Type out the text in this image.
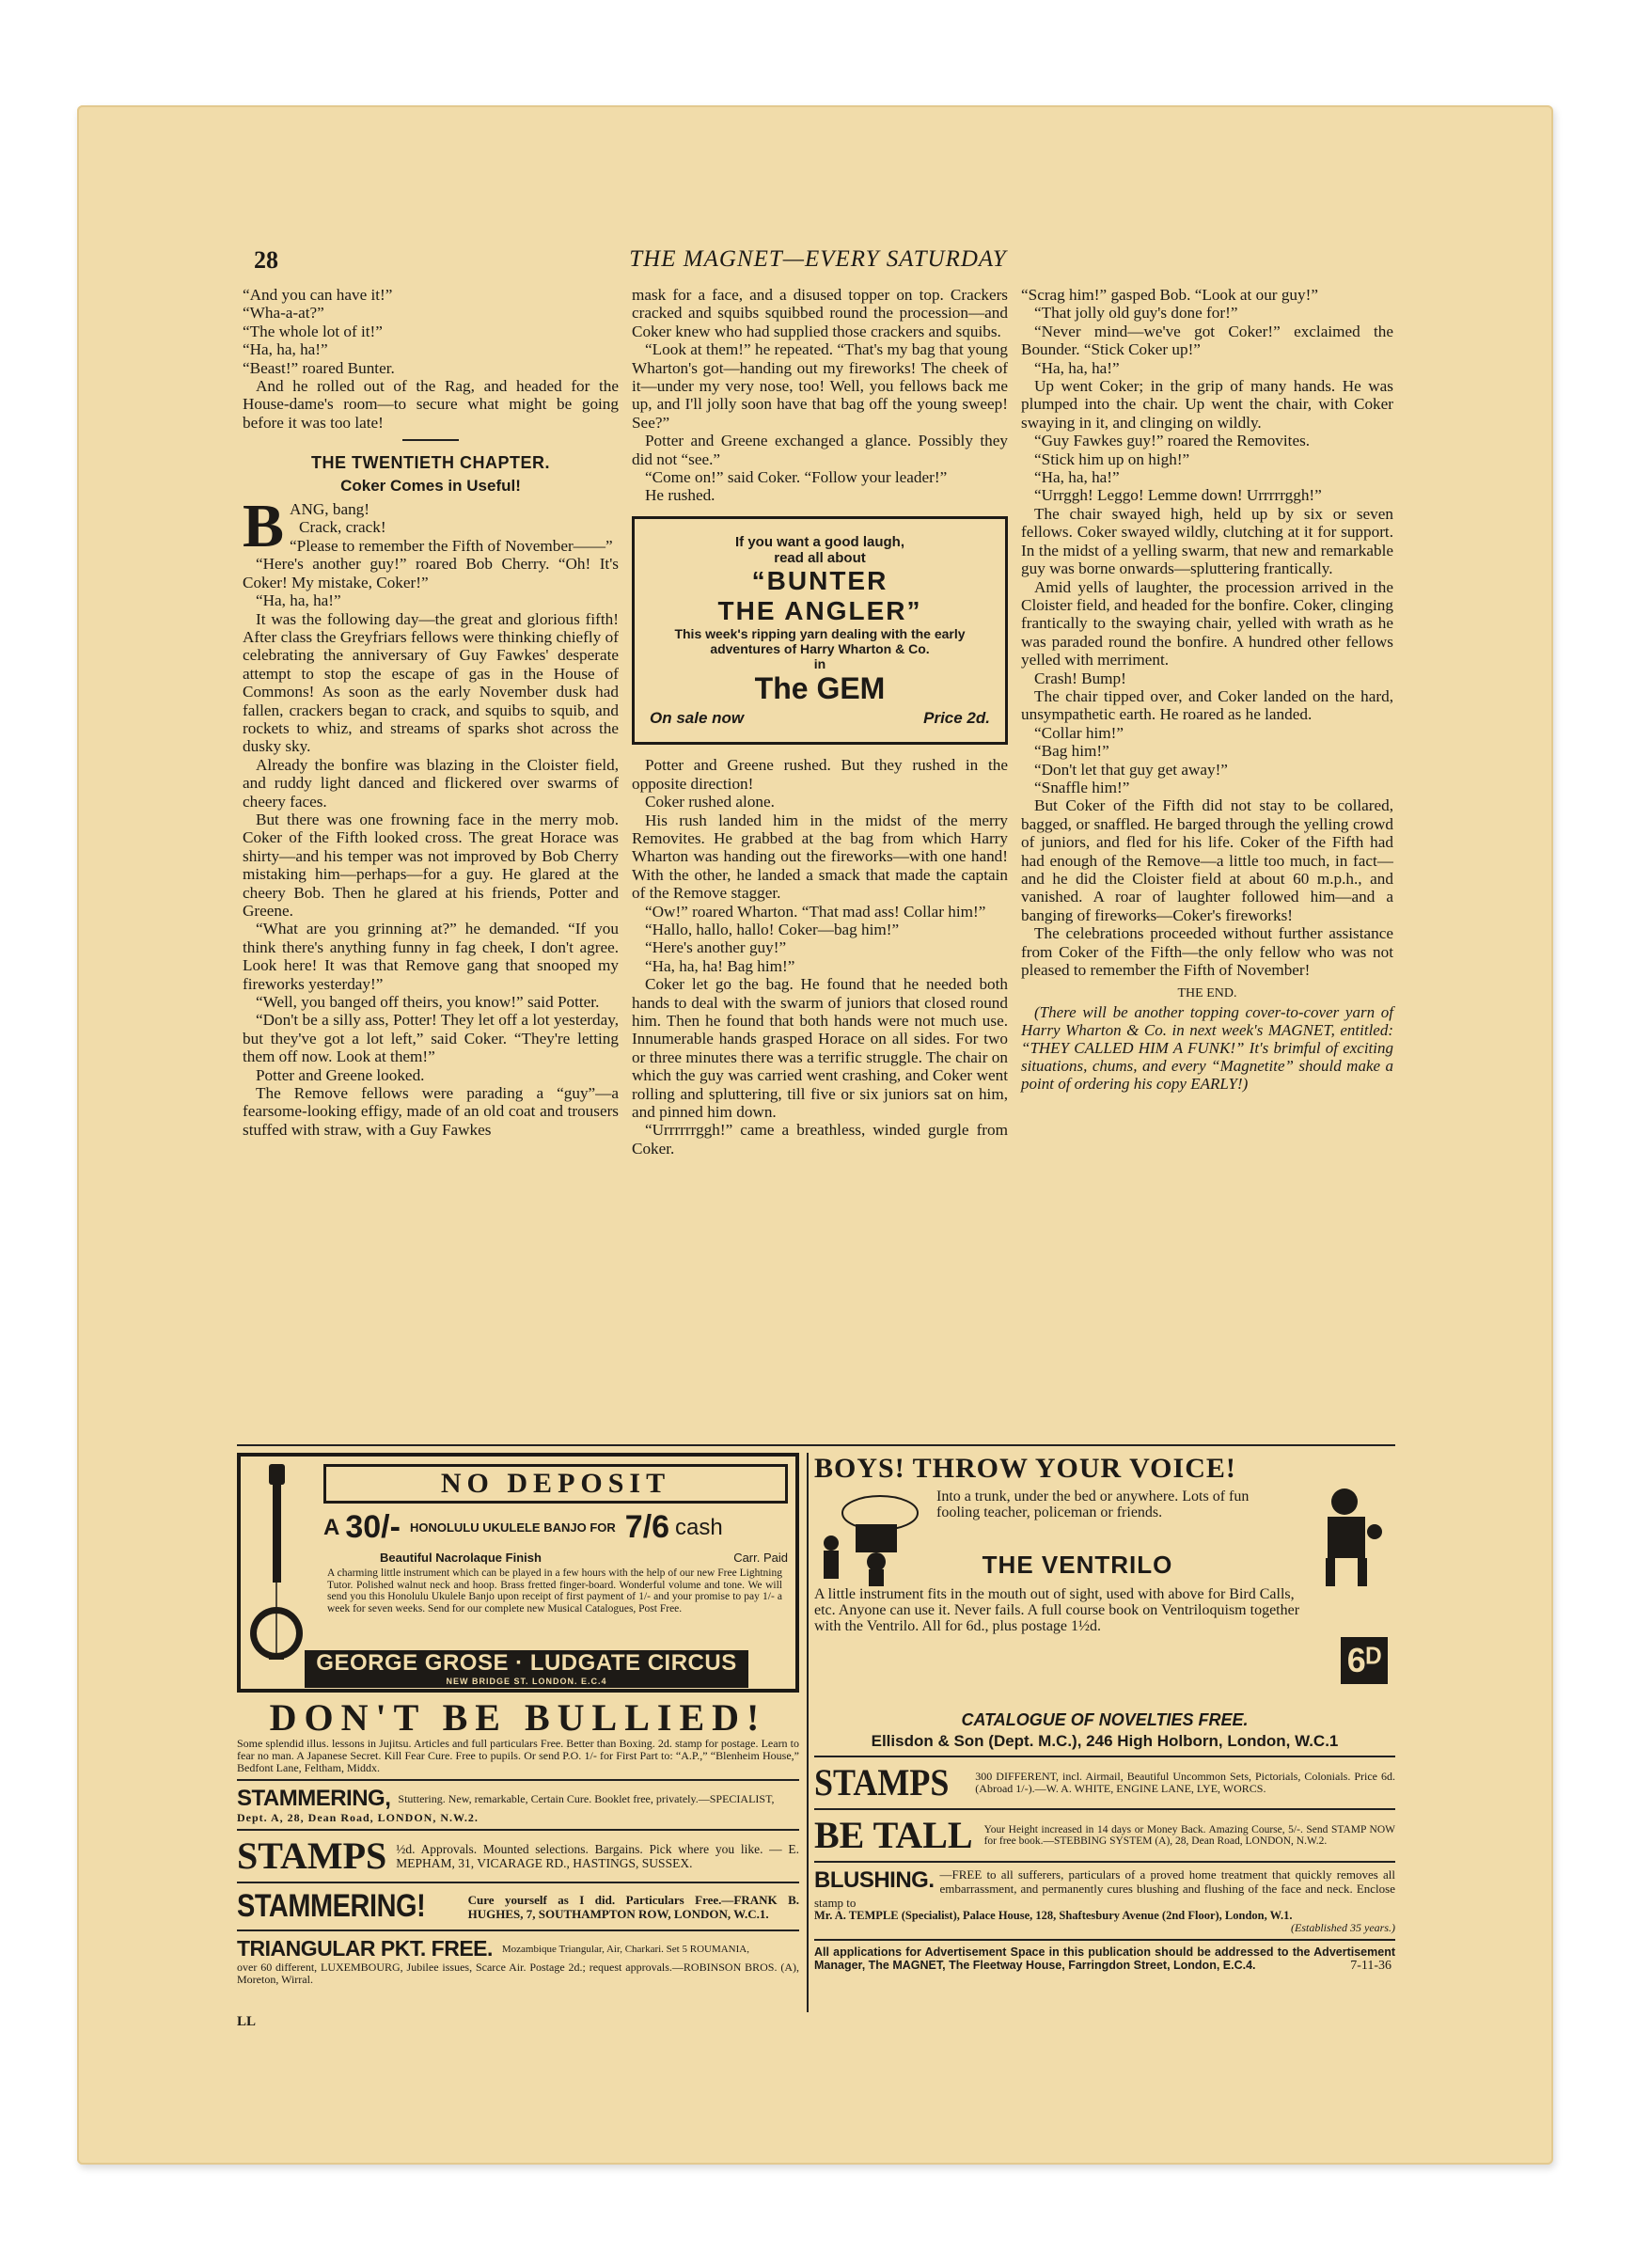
28	THE MAGNET—EVERY SATURDAY

“And you can have it!”

“Wha-a-at?”

“The whole lot of it!”

“Ha, ha, ha!”

“Beast!” roared Bunter.

And he rolled out of the Rag, and headed for the House-dame's room—to secure what might be going before it was too late!

THE TWENTIETH CHAPTER.
Coker Comes in Useful!
B ANG, bang!

Crack, crack!

“Please to remember the Fifth of November——”

“Here's another guy!” roared Bob Cherry. “Oh! It's Coker! My mistake, Coker!”

“Ha, ha, ha!”

It was the following day—the great and glorious fifth! After class the Greyfriars fellows were thinking chiefly of celebrating the anniversary of Guy Fawkes' desperate attempt to stop the escape of gas in the House of Commons! As soon as the early November dusk had fallen, crackers began to crack, and squibs to squib, and rockets to whiz, and streams of sparks shot across the dusky sky.

Already the bonfire was blazing in the Cloister field, and ruddy light danced and flickered over swarms of cheery faces.

But there was one frowning face in the merry mob. Coker of the Fifth looked cross. The great Horace was shirty—and his temper was not improved by Bob Cherry mistaking him—perhaps—for a guy. He glared at the cheery Bob. Then he glared at his friends, Potter and Greene.

“What are you grinning at?” he demanded. “If you think there's anything funny in fag cheek, I don't agree. Look here! It was that Remove gang that snooped my fireworks yesterday!”

“Well, you banged off theirs, you know!” said Potter.

“Don't be a silly ass, Potter! They let off a lot yesterday, but they've got a lot left,” said Coker. “They're letting them off now. Look at them!”

Potter and Greene looked.

The Remove fellows were parading a “guy”—a fearsome-looking effigy, made of an old coat and trousers stuffed with straw, with a Guy Fawkes

mask for a face, and a disused topper on top. Crackers cracked and squibs squibbed round the procession—and Coker knew who had supplied those crackers and squibs.

“Look at them!” he repeated. “That's my bag that young Wharton's got—handing out my fireworks! The cheek of it—under my very nose, too! Well, you fellows back me up, and I'll jolly soon have that bag off the young sweep! See?”

Potter and Greene exchanged a glance. Possibly they did not “see.”

“Come on!” said Coker. “Follow your leader!”

He rushed.

If you want a good laugh,
read all about
“BUNTER
THE ANGLER”
This week's ripping yarn dealing with the early adventures of Harry Wharton & Co.
in
The GEM
On sale now	Price 2d.

Potter and Greene rushed. But they rushed in the opposite direction!

Coker rushed alone.

His rush landed him in the midst of the merry Removites. He grabbed at the bag from which Harry Wharton was handing out the fireworks—with one hand! With the other, he landed a smack that made the captain of the Remove stagger.

“Ow!” roared Wharton. “That mad ass! Collar him!”

“Hallo, hallo, hallo! Coker—bag him!”

“Here's another guy!”

“Ha, ha, ha! Bag him!”

Coker let go the bag. He found that he needed both hands to deal with the swarm of juniors that closed round him. Then he found that both hands were not much use. Innumerable hands grasped Horace on all sides. For two or three minutes there was a terrific struggle. The chair on which the guy was carried went crashing, and Coker went rolling and spluttering, till five or six juniors sat on him, and pinned him down.

“Urrrrrrggh!” came a breathless, winded gurgle from Coker.

“Scrag him!” gasped Bob. “Look at our guy!”

“That jolly old guy's done for!”

“Never mind—we've got Coker!” exclaimed the Bounder. “Stick Coker up!”

“Ha, ha, ha!”

Up went Coker; in the grip of many hands. He was plumped into the chair. Up went the chair, with Coker swaying in it, and clinging on wildly.

“Guy Fawkes guy!” roared the Removites.

“Stick him up on high!”

“Ha, ha, ha!”

“Urrggh! Leggo! Lemme down! Urrrrrggh!”

The chair swayed high, held up by six or seven fellows. Coker swayed wildly, clutching at it for support. In the midst of a yelling swarm, that new and remarkable guy was borne onwards—spluttering frantically.

Amid yells of laughter, the procession arrived in the Cloister field, and headed for the bonfire. Coker, clinging frantically to the swaying chair, yelled with wrath as he was paraded round the bonfire. A hundred other fellows yelled with merriment.

Crash! Bump!

The chair tipped over, and Coker landed on the hard, unsympathetic earth. He roared as he landed.

“Collar him!”

“Bag him!”

“Don't let that guy get away!”

“Snaffle him!”

But Coker of the Fifth did not stay to be collared, bagged, or snaffled. He barged through the yelling crowd of juniors, and fled for his life. Coker of the Fifth had had enough of the Remove—a little too much, in fact—and he did the Cloister field at about 60 m.p.h., and vanished. A roar of laughter followed him—and a banging of fireworks—Coker's fireworks!

The celebrations proceeded without further assistance from Coker of the Fifth—the only fellow who was not pleased to remember the Fifth of November!

THE END.

(There will be another topping cover-to-cover yarn of Harry Wharton & Co. in next week's MAGNET, entitled: “THEY CALLED HIM A FUNK!” It's brimful of exciting situations, chums, and every “Magnetite” should make a point of ordering his copy EARLY!)

NO DEPOSIT
A 30/- HONOLULU UKULELE BANJO FOR 7/6 cash
Beautiful Nacrolaque Finish	Carr. Paid
A charming little instrument which can be played in a few hours with the help of our new Free Lightning Tutor. Polished walnut neck and hoop. Brass fretted finger-board. Wonderful volume and tone. We will send you this Honolulu Ukulele Banjo upon receipt of first payment of 1/- and your promise to pay 1/- a week for seven weeks. Send for our complete new Musical Catalogues, Post Free.
GEORGE GROSE · LUDGATE CIRCUS
NEW BRIDGE ST. LONDON. E.C.4
DON'T BE BULLIED!
Some splendid illus. lessons in Jujitsu. Articles and full particulars Free. Better than Boxing. 2d. stamp for postage. Learn to fear no man. A Japanese Secret. Kill Fear Cure. Free to pupils. Or send P.O. 1/- for First Part to: “A.P.,” “Blenheim House,” Bedfont Lane, Feltham, Middx.
STAMMERING, Stuttering. New, remarkable, Certain Cure. Booklet free, privately.—SPECIALIST,
Dept. A, 28, Dean Road, LONDON, N.W.2.
STAMPS ½d. Approvals. Mounted selections. Bargains. Pick where you like. — E. MEPHAM, 31, VICARAGE RD., HASTINGS, SUSSEX.
STAMMERING!	Cure yourself as I did. Particulars Free.—FRANK B. HUGHES, 7, SOUTHAMPTON ROW, LONDON, W.C.1.
TRIANGULAR PKT. FREE. Mozambique Triangular, Air, Charkari. Set 5 ROUMANIA,
over 60 different, LUXEMBOURG, Jubilee issues, Scarce Air. Postage 2d.; request approvals.—ROBINSON BROS. (A), Moreton, Wirral.
BOYS! THROW YOUR VOICE!
Into a trunk, under the bed or anywhere. Lots of fun fooling teacher, policeman or friends.
THE VENTRILO
A little instrument fits in the mouth out of sight, used with above for Bird Calls, etc. Anyone can use it. Never fails. A full course book on Ventriloquism together with the Ventrilo. All for 6d., plus postage 1½d.
6ᴰ
CATALOGUE OF NOVELTIES FREE.
Ellisdon & Son (Dept. M.C.), 246 High Holborn, London, W.C.1
STAMPS 300 DIFFERENT, incl. Airmail, Beautiful Uncommon Sets, Pictorials, Colonials. Price 6d. (Abroad 1/-).—W. A. WHITE, ENGINE LANE, LYE, WORCS.
BE TALL Your Height increased in 14 days or Money Back. Amazing Course, 5/-. Send STAMP NOW for free book.—STEBBING SYSTEM (A), 28, Dean Road, LONDON, N.W.2.
BLUSHING. —FREE to all sufferers, particulars of a proved home treatment that quickly removes all embarrassment, and permanently cures blushing and flushing of the face and neck. Enclose stamp to
Mr. A. TEMPLE (Specialist), Palace House, 128, Shaftesbury Avenue (2nd Floor), London, W.1.
(Established 35 years.)
All applications for Advertisement Space in this publication should be addressed to the Advertisement Manager, The MAGNET, The Fleetway House, Farringdon Street, London, E.C.4.	7-11-36
LL
